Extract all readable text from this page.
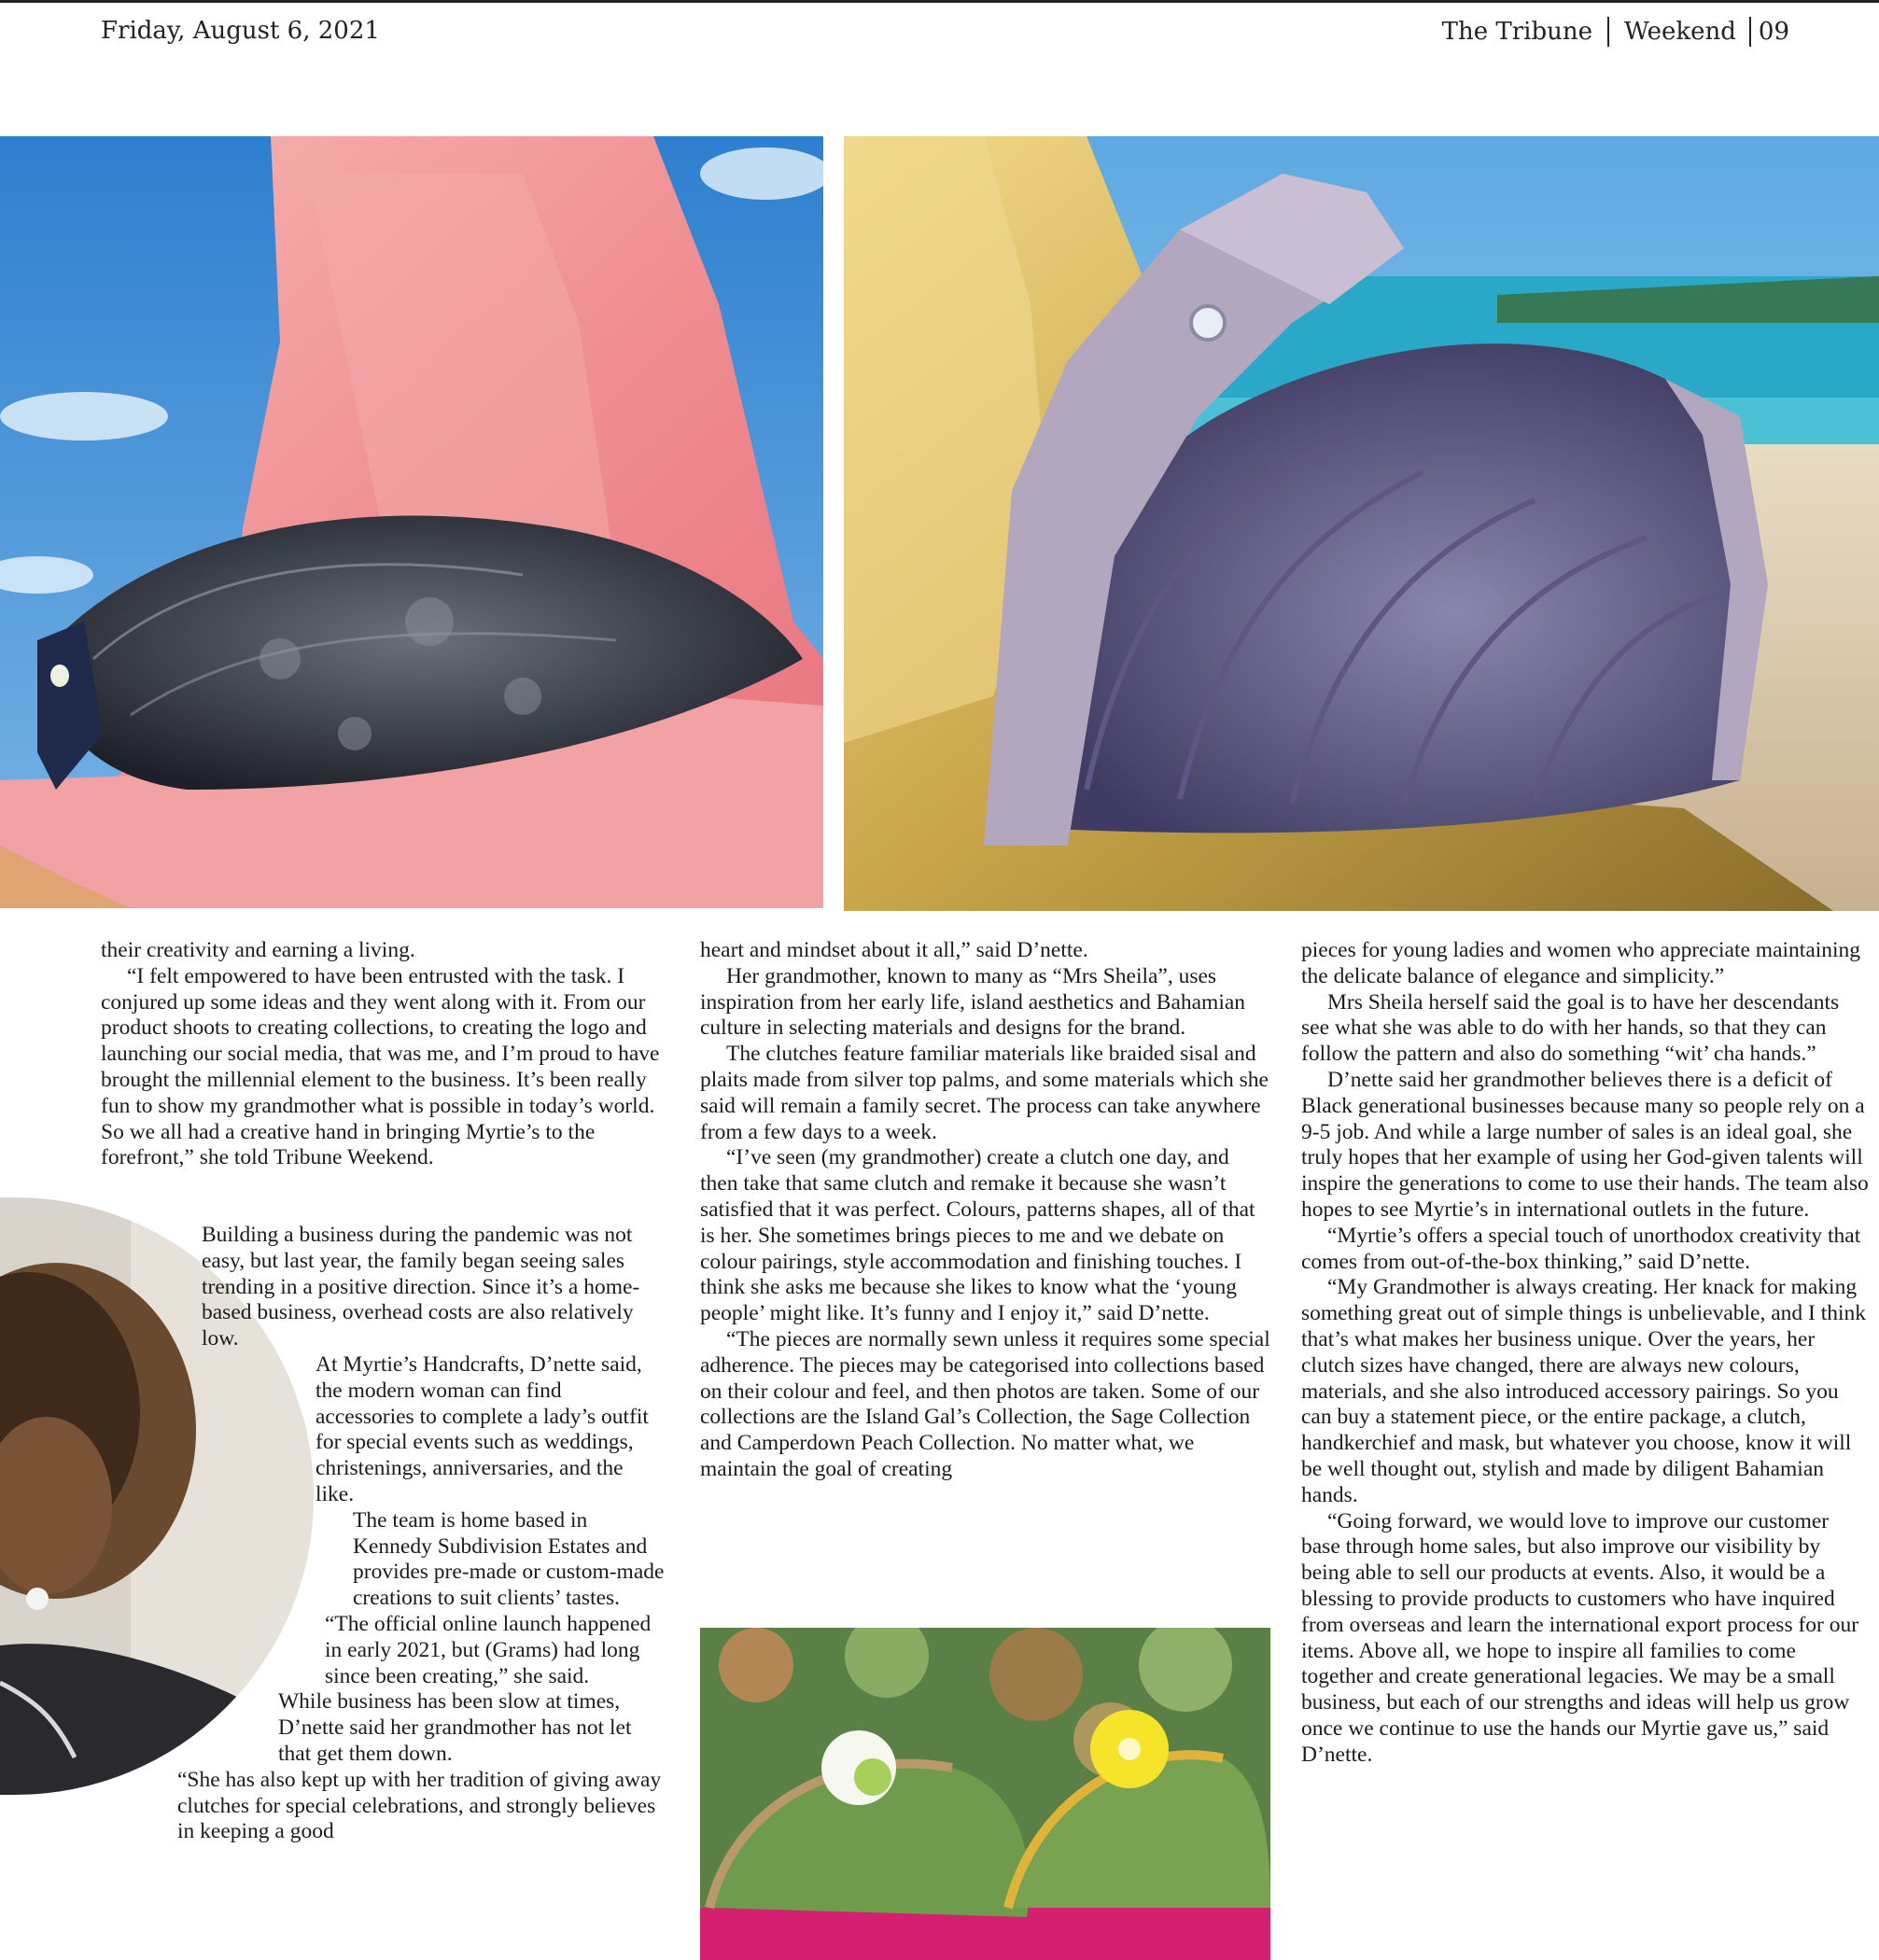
Friday, August 6, 2021	The Tribune Weekend 09

their creativity and earning a living.

“I felt empowered to have been entrusted with the task. I conjured up some ideas and they went along with it. From our product shoots to creating collections, to creating the logo and launching our social media, that was me, and I’m proud to have brought the millennial element to the business. It’s been really fun to show my grandmother what is possible in today’s world. So we all had a creative hand in bringing Myrtie’s to the forefront,” she told Tribune Weekend.

Building a business during the pandemic was not easy, but last year, the family began seeing sales trending in a positive direction. Since it’s a home-based business, overhead costs are also relatively low.

At Myrtie’s Handcrafts, D’nette said, the modern woman can find accessories to complete a lady’s outfit for special events such as weddings, christenings, anniversaries, and the like.

The team is home based in Kennedy Subdivision Estates and provides pre-made or custom-made creations to suit clients’ tastes.

“The official online launch happened in early 2021, but (Grams) had long since been creating,” she said.

While business has been slow at times, D’nette said her grandmother has not let that get them down.

“She has also kept up with her tradition of giving away clutches for special celebrations, and strongly believes in keeping a good

heart and mindset about it all,” said D’nette.

Her grandmother, known to many as “Mrs Sheila”, uses inspiration from her early life, island aesthetics and Bahamian culture in selecting materials and designs for the brand.

The clutches feature familiar materials like braided sisal and plaits made from silver top palms, and some materials which she said will remain a family secret. The process can take anywhere from a few days to a week.

“I’ve seen (my grandmother) create a clutch one day, and then take that same clutch and remake it because she wasn’t satisfied that it was perfect. Colours, patterns shapes, all of that is her. She sometimes brings pieces to me and we debate on colour pairings, style accommodation and finishing touches. I think she asks me because she likes to know what the ‘young people’ might like. It’s funny and I enjoy it,” said D’nette.

“The pieces are normally sewn unless it requires some special adherence. The pieces may be categorised into collections based on their colour and feel, and then photos are taken. Some of our collections are the Island Gal’s Collection, the Sage Collection and Camperdown Peach Collection. No matter what, we maintain the goal of creating

pieces for young ladies and women who appreciate maintaining the delicate balance of elegance and simplicity.”

Mrs Sheila herself said the goal is to have her descendants see what she was able to do with her hands, so that they can follow the pattern and also do something “wit’ cha hands.”

D’nette said her grandmother believes there is a deficit of Black generational businesses because many so people rely on a 9-5 job. And while a large number of sales is an ideal goal, she truly hopes that her example of using her God-given talents will inspire the generations to come to use their hands. The team also hopes to see Myrtie’s in international outlets in the future.

“Myrtie’s offers a special touch of unorthodox creativity that comes from out-of-the-box thinking,” said D’nette.

“My Grandmother is always creating. Her knack for making something great out of simple things is unbelievable, and I think that’s what makes her business unique. Over the years, her clutch sizes have changed, there are always new colours, materials, and she also introduced accessory pairings. So you can buy a statement piece, or the entire package, a clutch, handkerchief and mask, but whatever you choose, know it will be well thought out, stylish and made by diligent Bahamian hands.

“Going forward, we would love to improve our customer base through home sales, but also improve our visibility by being able to sell our products at events. Also, it would be a blessing to provide products to customers who have inquired from overseas and learn the international export process for our items. Above all, we hope to inspire all families to come together and create generational legacies. We may be a small business, but each of our strengths and ideas will help us grow once we continue to use the hands our Myrtie gave us,” said D’nette.
